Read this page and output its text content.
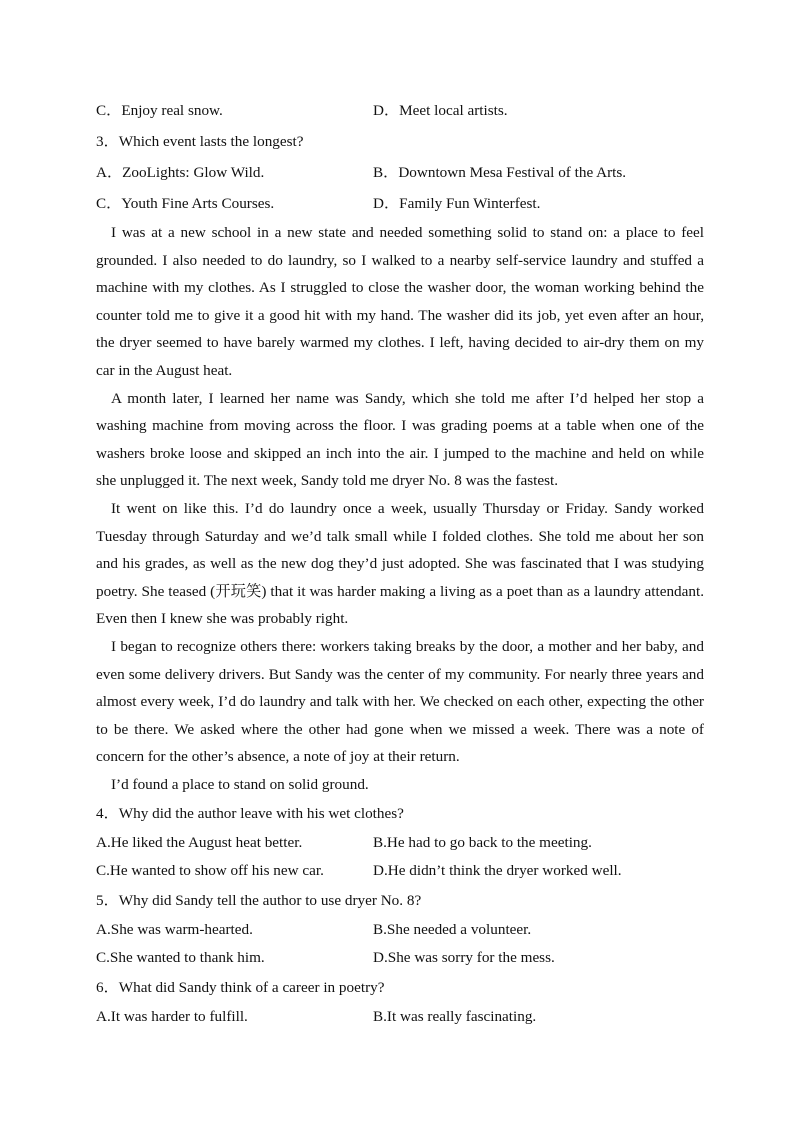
C．Enjoy real snow.	D．Meet local artists.
3．Which event lasts the longest?
A．ZooLights: Glow Wild.	B．Downtown Mesa Festival of the Arts.
C．Youth Fine Arts Courses.	D．Family Fun Winterfest.

I was at a new school in a new state and needed something solid to stand on: a place to feel grounded. I also needed to do laundry, so I walked to a nearby self-service laundry and stuffed a machine with my clothes. As I struggled to close the washer door, the woman working behind the counter told me to give it a good hit with my hand. The washer did its job, yet even after an hour, the dryer seemed to have barely warmed my clothes. I left, having decided to air-dry them on my car in the August heat.

A month later, I learned her name was Sandy, which she told me after I’d helped her stop a washing machine from moving across the floor. I was grading poems at a table when one of the washers broke loose and skipped an inch into the air. I jumped to the machine and held on while she unplugged it. The next week, Sandy told me dryer No. 8 was the fastest.

It went on like this. I’d do laundry once a week, usually Thursday or Friday. Sandy worked Tuesday through Saturday and we’d talk small while I folded clothes. She told me about her son and his grades, as well as the new dog they’d just adopted. She was fascinated that I was studying poetry. She teased (开玩笑) that it was harder making a living as a poet than as a laundry attendant. Even then I knew she was probably right.

I began to recognize others there: workers taking breaks by the door, a mother and her baby, and even some delivery drivers. But Sandy was the center of my community. For nearly three years and almost every week, I’d do laundry and talk with her. We checked on each other, expecting the other to be there. We asked where the other had gone when we missed a week. There was a note of concern for the other’s absence, a note of joy at their return.

I’d found a place to stand on solid ground.

4．Why did the author leave with his wet clothes?
A.He liked the August heat better.	B.He had to go back to the meeting.
C.He wanted to show off his new car.	D.He didn’t think the dryer worked well.
5．Why did Sandy tell the author to use dryer No. 8?
A.She was warm-hearted.	B.She needed a volunteer.
C.She wanted to thank him.	D.She was sorry for the mess.
6．What did Sandy think of a career in poetry?
A.It was harder to fulfill.	B.It was really fascinating.
